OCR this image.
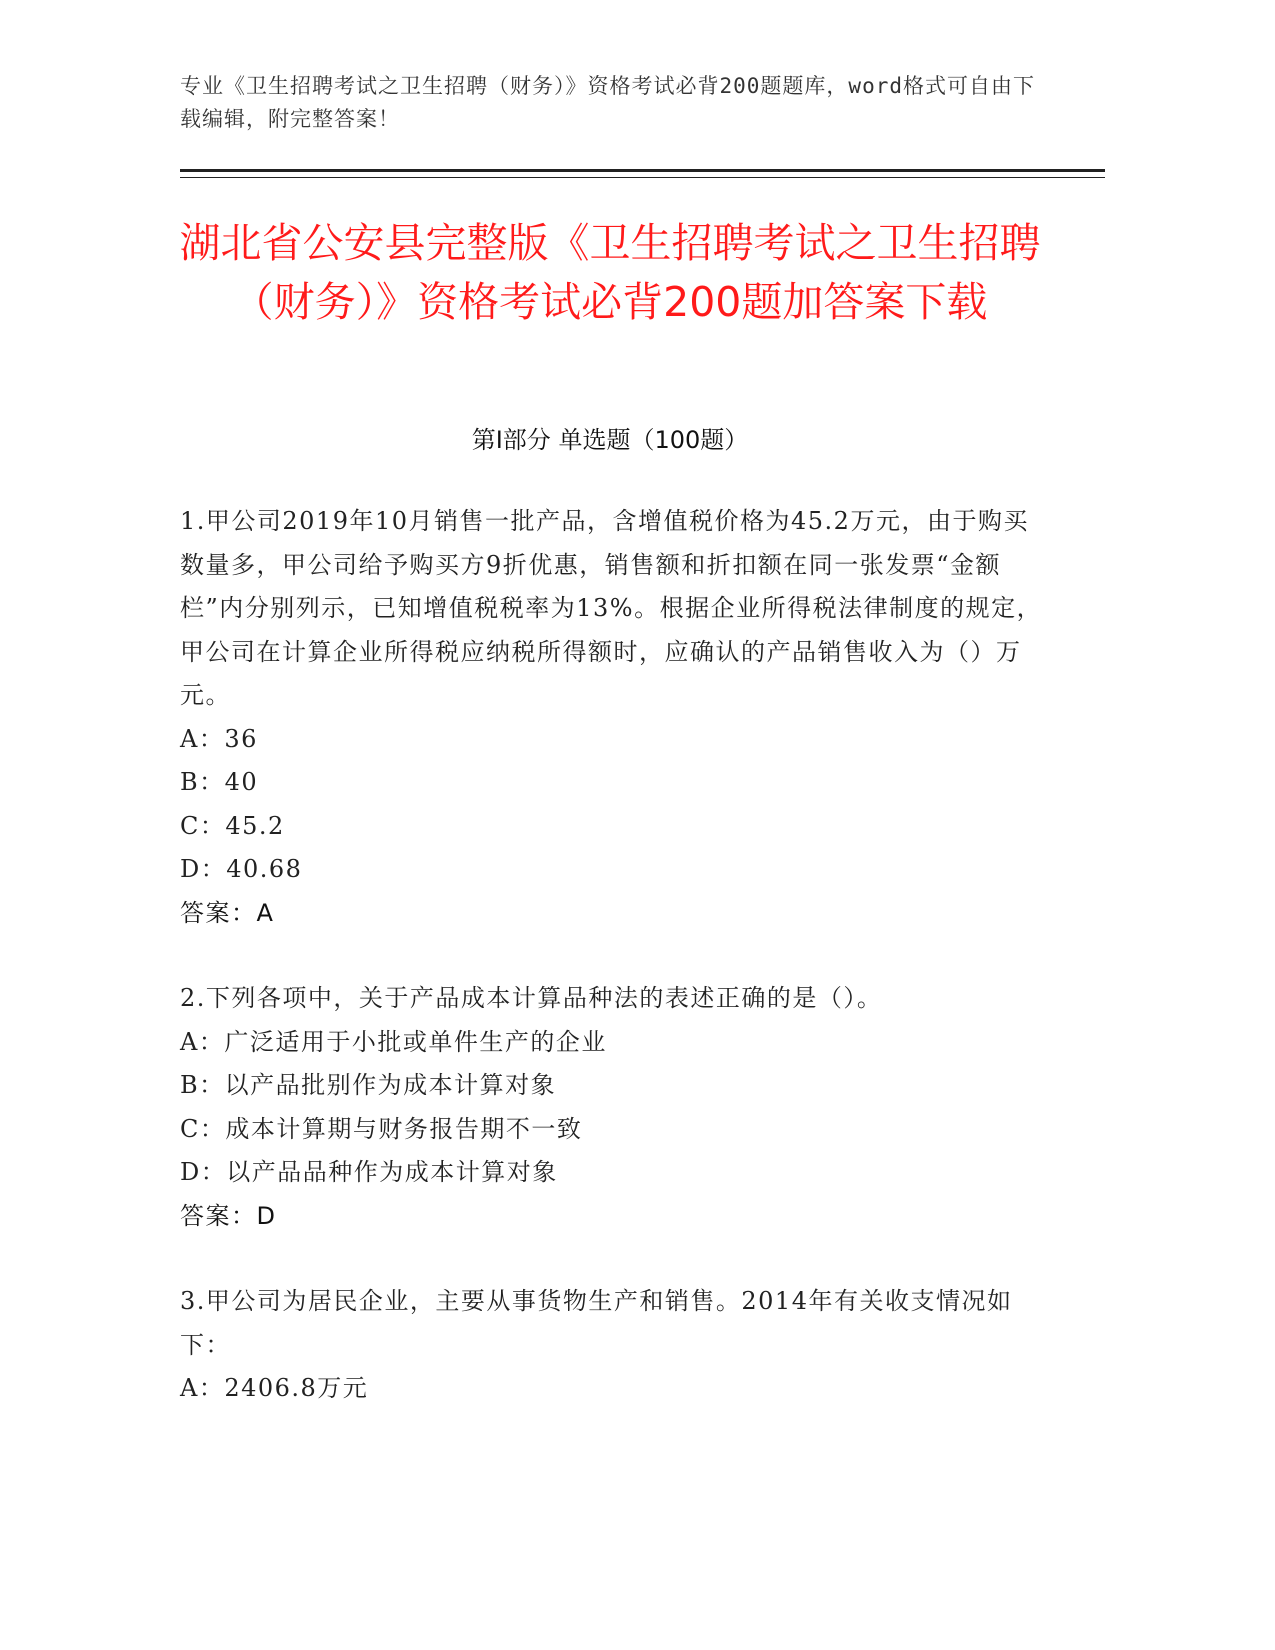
专业《卫生招聘考试之卫生招聘（财务）》资格考试必背200题题库，word格式可自由下载编辑，附完整答案！
湖北省公安县完整版《卫生招聘考试之卫生招聘（财务）》资格考试必背200题加答案下载
第Ⅰ部分 单选题（100题）

1.甲公司2019年10月销售一批产品，含增值税价格为45.2万元，由于购买数量多，甲公司给予购买方9折优惠，销售额和折扣额在同一张发票“金额栏”内分别列示，已知增值税税率为13%。根据企业所得税法律制度的规定，甲公司在计算企业所得税应纳税所得额时，应确认的产品销售收入为（）万元。

A：36

B：40

C：45.2

D：40.68

答案：A

2.下列各项中，关于产品成本计算品种法的表述正确的是（）。

A：广泛适用于小批或单件生产的企业

B：以产品批别作为成本计算对象

C：成本计算期与财务报告期不一致

D：以产品品种作为成本计算对象

答案：D

3.甲公司为居民企业，主要从事货物生产和销售。2014年有关收支情况如下：

A：2406.8万元
